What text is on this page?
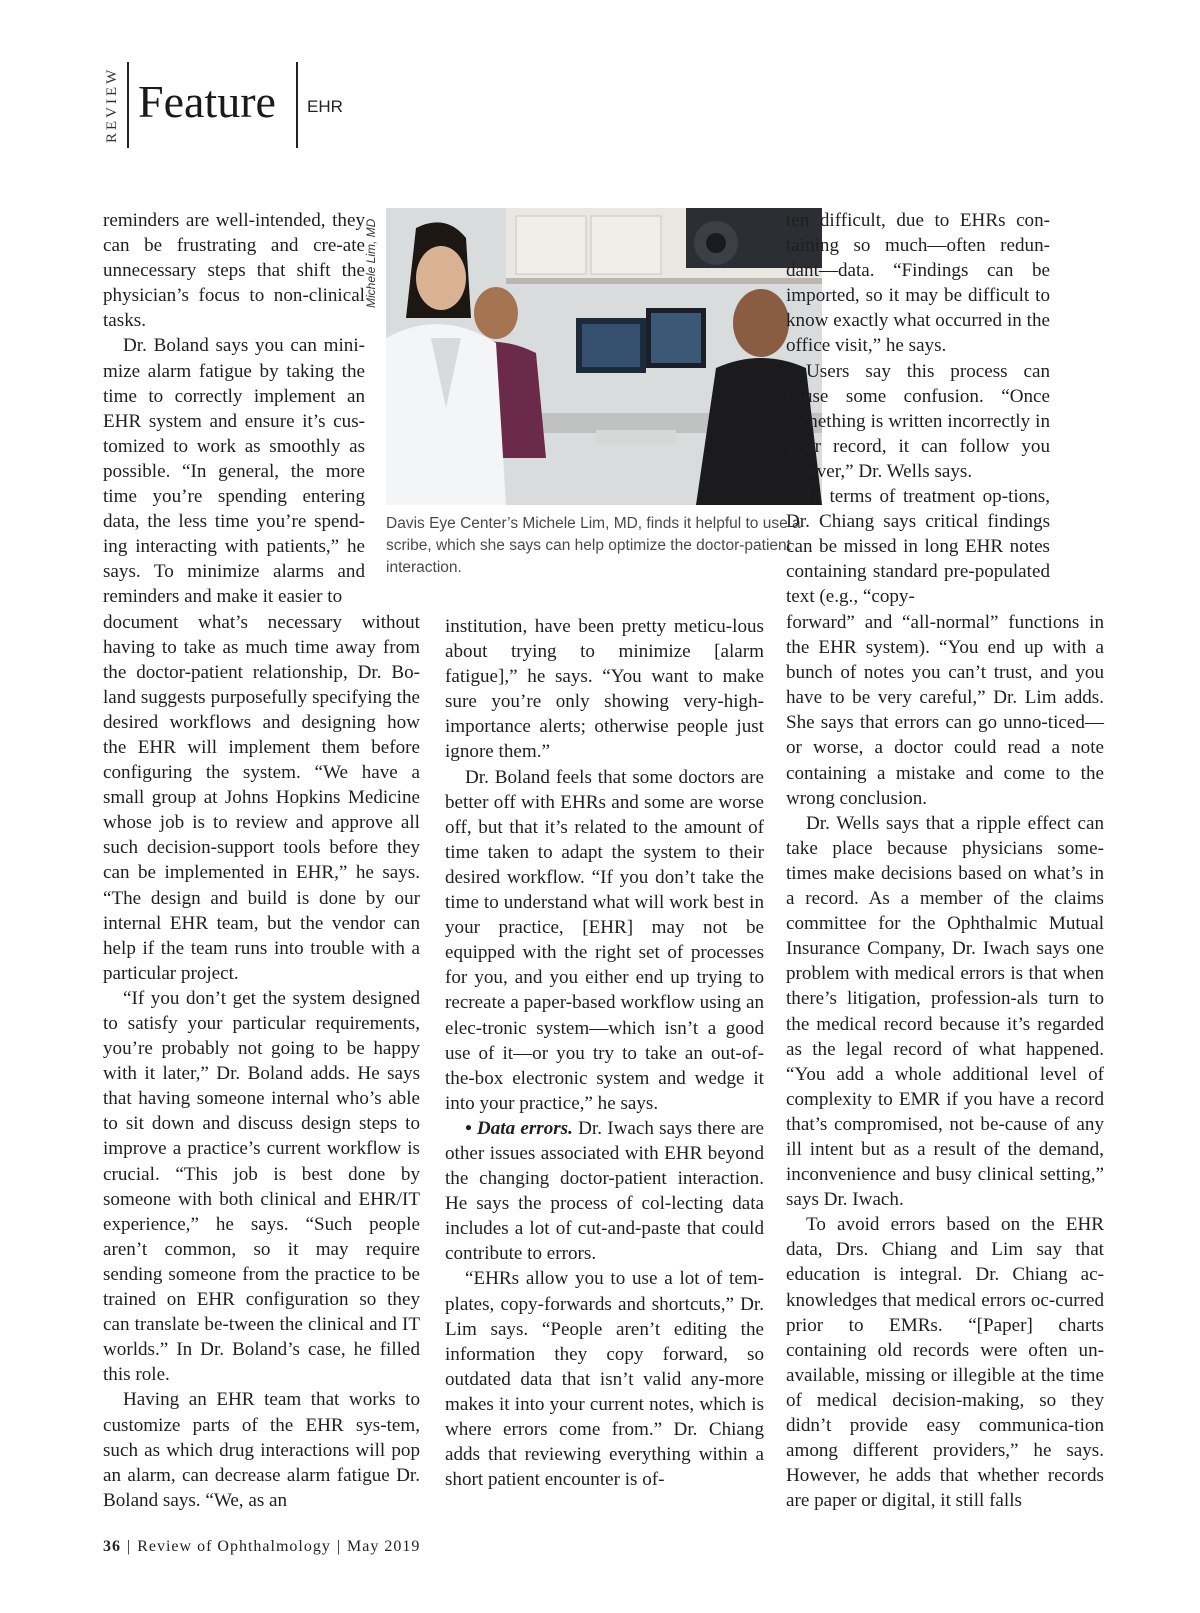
REVIEW Feature EHR
Michele Lim, MD
Davis Eye Center’s Michele Lim, MD, finds it helpful to use a scribe, which she says can help optimize the doctor-patient interaction.

reminders are well-intended, they can be frustrating and cre-ate unnecessary steps that shift the physician’s focus to non-clinical tasks.

Dr. Boland says you can mini-mize alarm fatigue by taking the time to correctly implement an EHR system and ensure it’s cus-tomized to work as smoothly as possible. “In general, the more time you’re spending entering data, the less time you’re spend-ing interacting with patients,” he says. To minimize alarms and reminders and make it easier to

document what’s necessary without having to take as much time away from the doctor-patient relationship, Dr. Bo-land suggests purposefully specifying the desired workflows and designing how the EHR will implement them before configuring the system. “We have a small group at Johns Hopkins Medicine whose job is to review and approve all such decision-support tools before they can be implemented in EHR,” he says. “The design and build is done by our internal EHR team, but the vendor can help if the team runs into trouble with a particular project.

“If you don’t get the system designed to satisfy your particular requirements, you’re probably not going to be happy with it later,” Dr. Boland adds. He says that having someone internal who’s able to sit down and discuss design steps to improve a practice’s current workflow is crucial. “This job is best done by someone with both clinical and EHR/IT experience,” he says. “Such people aren’t common, so it may require sending someone from the practice to be trained on EHR configuration so they can translate be-tween the clinical and IT worlds.” In Dr. Boland’s case, he filled this role.

Having an EHR team that works to customize parts of the EHR sys-tem, such as which drug interactions will pop an alarm, can decrease alarm fatigue Dr. Boland says. “We, as an

institution, have been pretty meticu-lous about trying to minimize [alarm fatigue],” he says. “You want to make sure you’re only showing very-high-importance alerts; otherwise people just ignore them.”

Dr. Boland feels that some doctors are better off with EHRs and some are worse off, but that it’s related to the amount of time taken to adapt the system to their desired workflow. “If you don’t take the time to understand what will work best in your practice, [EHR] may not be equipped with the right set of processes for you, and you either end up trying to recreate a paper-based workflow using an elec-tronic system—which isn’t a good use of it—or you try to take an out-of-the-box electronic system and wedge it into your practice,” he says.

• Data errors. Dr. Iwach says there are other issues associated with EHR beyond the changing doctor-patient interaction. He says the process of col-lecting data includes a lot of cut-and-paste that could contribute to errors.

“EHRs allow you to use a lot of tem-plates, copy-forwards and shortcuts,” Dr. Lim says. “People aren’t editing the information they copy forward, so outdated data that isn’t valid any-more makes it into your current notes, which is where errors come from.” Dr. Chiang adds that reviewing everything within a short patient encounter is of-

ten difficult, due to EHRs con-taining so much—often redun-dant—data. “Findings can be imported, so it may be difficult to know exactly what occurred in the office visit,” he says.

Users say this process can cause some confusion. “Once something is written incorrectly in your record, it can follow you forever,” Dr. Wells says.

In terms of treatment op-tions, Dr. Chiang says critical findings can be missed in long EHR notes containing standard pre-populated text (e.g., “copy-

forward” and “all-normal” functions in the EHR system). “You end up with a bunch of notes you can’t trust, and you have to be very careful,” Dr. Lim adds. She says that errors can go unno-ticed—or worse, a doctor could read a note containing a mistake and come to the wrong conclusion.

Dr. Wells says that a ripple effect can take place because physicians some-times make decisions based on what’s in a record. As a member of the claims committee for the Ophthalmic Mutual Insurance Company, Dr. Iwach says one problem with medical errors is that when there’s litigation, profession-als turn to the medical record because it’s regarded as the legal record of what happened. “You add a whole additional level of complexity to EMR if you have a record that’s compromised, not be-cause of any ill intent but as a result of the demand, inconvenience and busy clinical setting,” says Dr. Iwach.

To avoid errors based on the EHR data, Drs. Chiang and Lim say that education is integral. Dr. Chiang ac-knowledges that medical errors oc-curred prior to EMRs. “[Paper] charts containing old records were often un-available, missing or illegible at the time of medical decision-making, so they didn’t provide easy communica-tion among different providers,” he says. However, he adds that whether records are paper or digital, it still falls

36 | Review of Ophthalmology | May 2019
